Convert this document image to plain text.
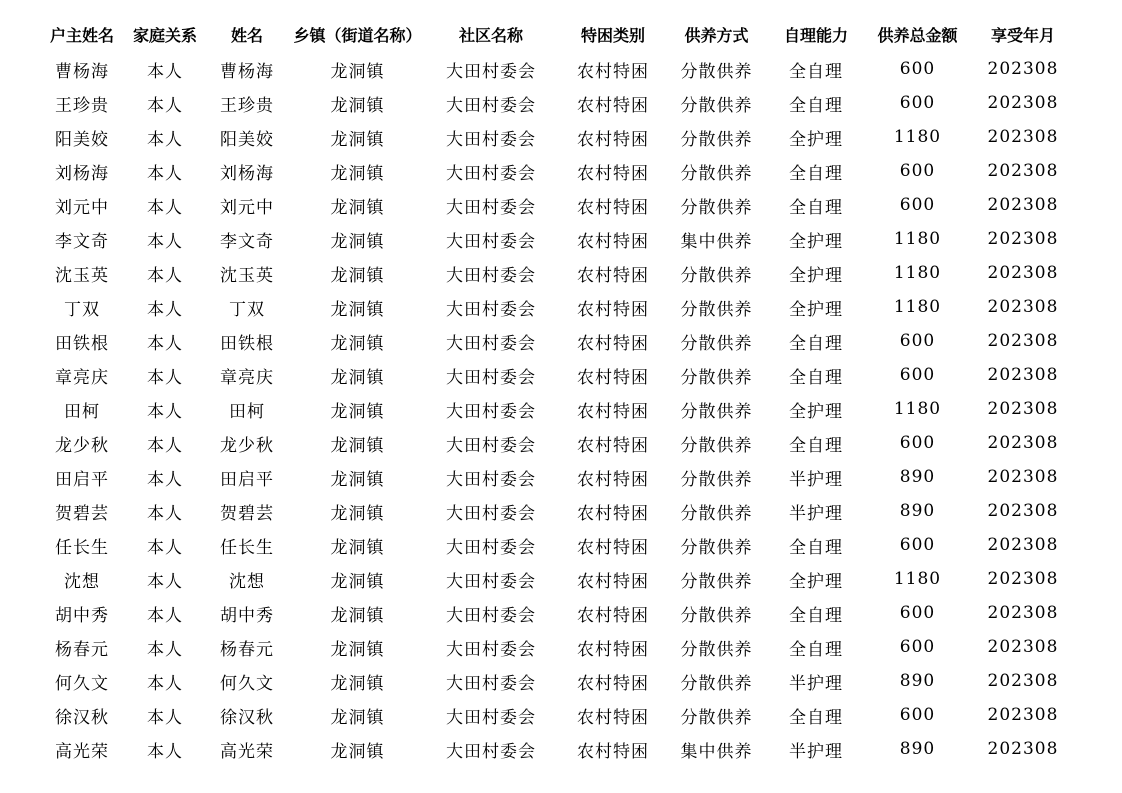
户主姓名	家庭关系	姓名	乡镇（街道名称）	社区名称	特困类别	供养方式	自理能力	供养总金额	享受年月
曹杨海	本人	曹杨海	龙洞镇	大田村委会	农村特困	分散供养	全自理	600	202308
王珍贵	本人	王珍贵	龙洞镇	大田村委会	农村特困	分散供养	全自理	600	202308
阳美姣	本人	阳美姣	龙洞镇	大田村委会	农村特困	分散供养	全护理	1180	202308
刘杨海	本人	刘杨海	龙洞镇	大田村委会	农村特困	分散供养	全自理	600	202308
刘元中	本人	刘元中	龙洞镇	大田村委会	农村特困	分散供养	全自理	600	202308
李文奇	本人	李文奇	龙洞镇	大田村委会	农村特困	集中供养	全护理	1180	202308
沈玉英	本人	沈玉英	龙洞镇	大田村委会	农村特困	分散供养	全护理	1180	202308
丁双	本人	丁双	龙洞镇	大田村委会	农村特困	分散供养	全护理	1180	202308
田铁根	本人	田铁根	龙洞镇	大田村委会	农村特困	分散供养	全自理	600	202308
章亮庆	本人	章亮庆	龙洞镇	大田村委会	农村特困	分散供养	全自理	600	202308
田柯	本人	田柯	龙洞镇	大田村委会	农村特困	分散供养	全护理	1180	202308
龙少秋	本人	龙少秋	龙洞镇	大田村委会	农村特困	分散供养	全自理	600	202308
田启平	本人	田启平	龙洞镇	大田村委会	农村特困	分散供养	半护理	890	202308
贺碧芸	本人	贺碧芸	龙洞镇	大田村委会	农村特困	分散供养	半护理	890	202308
任长生	本人	任长生	龙洞镇	大田村委会	农村特困	分散供养	全自理	600	202308
沈想	本人	沈想	龙洞镇	大田村委会	农村特困	分散供养	全护理	1180	202308
胡中秀	本人	胡中秀	龙洞镇	大田村委会	农村特困	分散供养	全自理	600	202308
杨春元	本人	杨春元	龙洞镇	大田村委会	农村特困	分散供养	全自理	600	202308
何久文	本人	何久文	龙洞镇	大田村委会	农村特困	分散供养	半护理	890	202308
徐汉秋	本人	徐汉秋	龙洞镇	大田村委会	农村特困	分散供养	全自理	600	202308
高光荣	本人	高光荣	龙洞镇	大田村委会	农村特困	集中供养	半护理	890	202308
